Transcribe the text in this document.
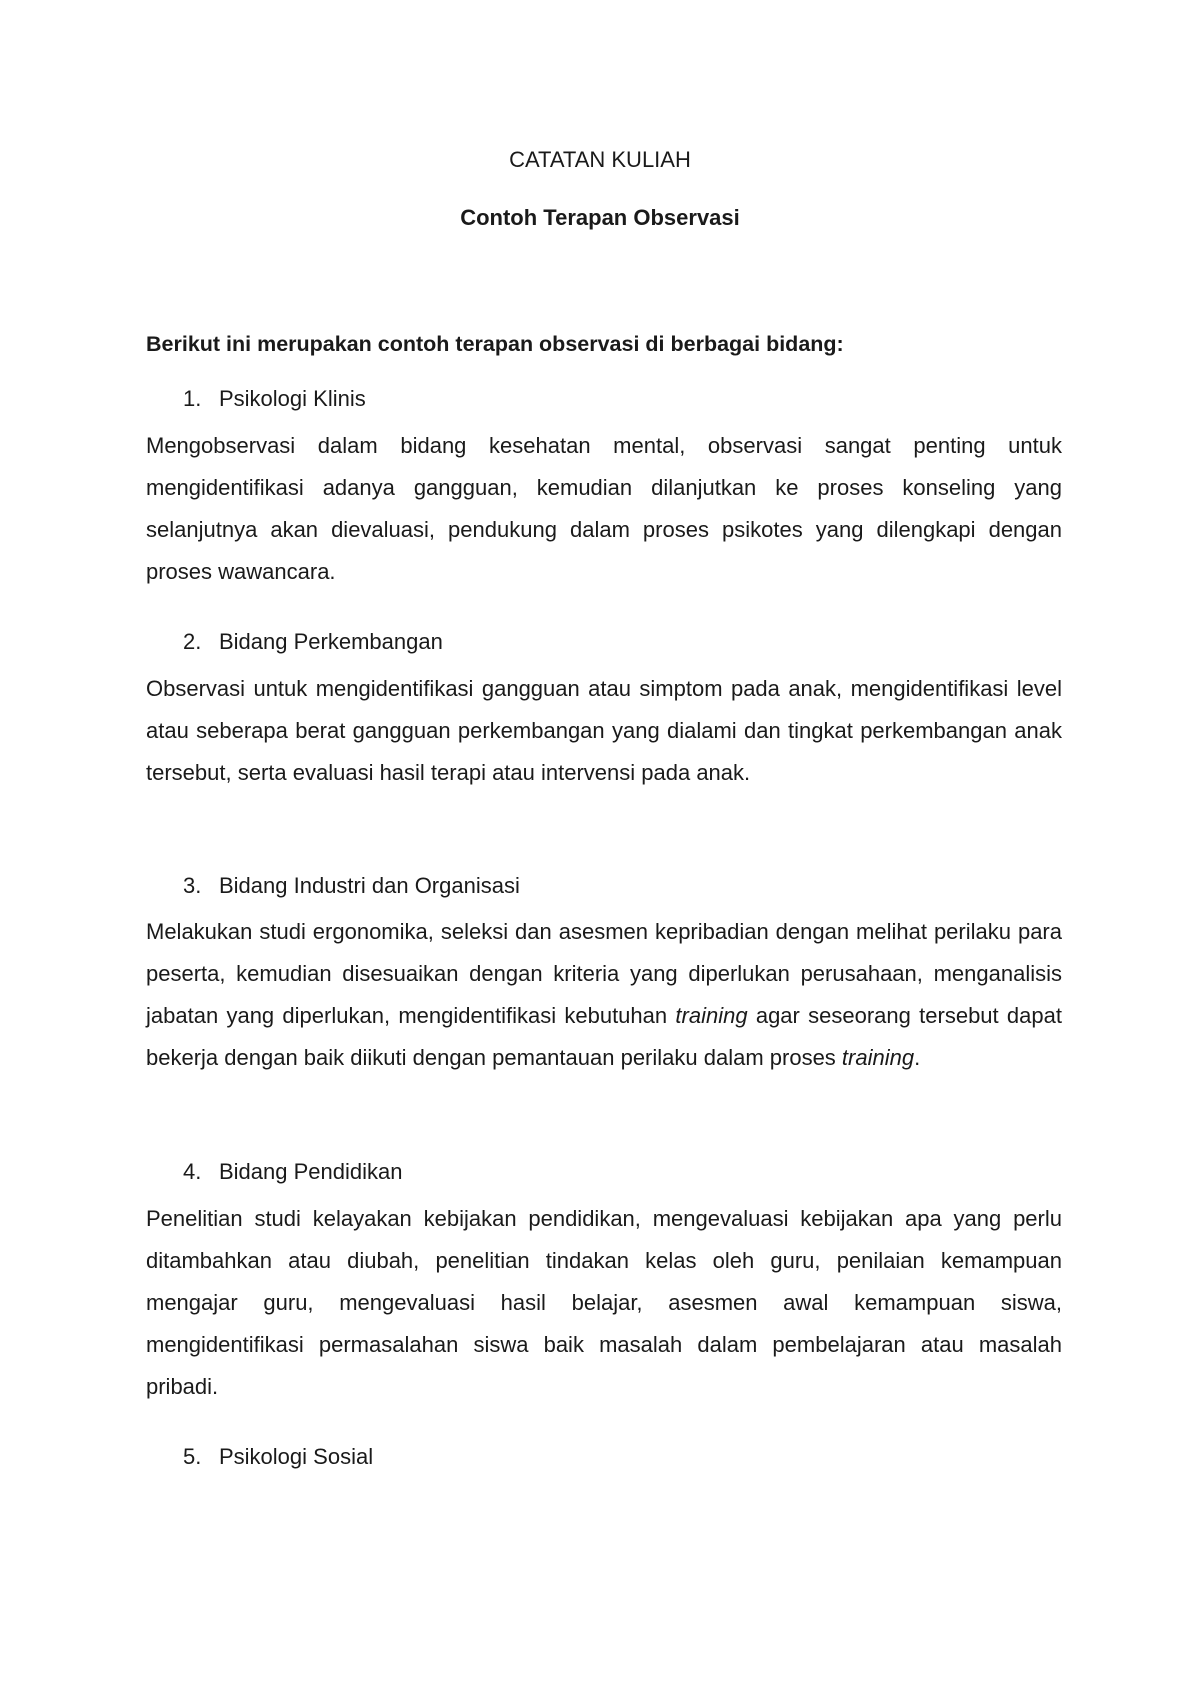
CATATAN KULIAH
Contoh Terapan Observasi
Berikut ini merupakan contoh terapan observasi di berbagai bidang:
1. Psikologi Klinis
Mengobservasi dalam bidang kesehatan mental, observasi sangat penting untuk mengidentifikasi adanya gangguan, kemudian dilanjutkan ke proses konseling yang selanjutnya akan dievaluasi, pendukung dalam proses psikotes yang dilengkapi dengan proses wawancara.
2. Bidang Perkembangan
Observasi untuk mengidentifikasi gangguan atau simptom pada anak, mengidentifikasi level atau seberapa berat gangguan perkembangan yang dialami dan tingkat perkembangan anak tersebut, serta evaluasi hasil terapi atau intervensi pada anak.
3. Bidang Industri dan Organisasi
Melakukan studi ergonomika, seleksi dan asesmen kepribadian dengan melihat perilaku para peserta, kemudian disesuaikan dengan kriteria yang diperlukan perusahaan, menganalisis jabatan yang diperlukan, mengidentifikasi kebutuhan training agar seseorang tersebut dapat bekerja dengan baik diikuti dengan pemantauan perilaku dalam proses training.
4. Bidang Pendidikan
Penelitian studi kelayakan kebijakan pendidikan, mengevaluasi kebijakan apa yang perlu ditambahkan atau diubah, penelitian tindakan kelas oleh guru, penilaian kemampuan mengajar guru, mengevaluasi hasil belajar, asesmen awal kemampuan siswa, mengidentifikasi permasalahan siswa baik masalah dalam pembelajaran atau masalah pribadi.
5. Psikologi Sosial
